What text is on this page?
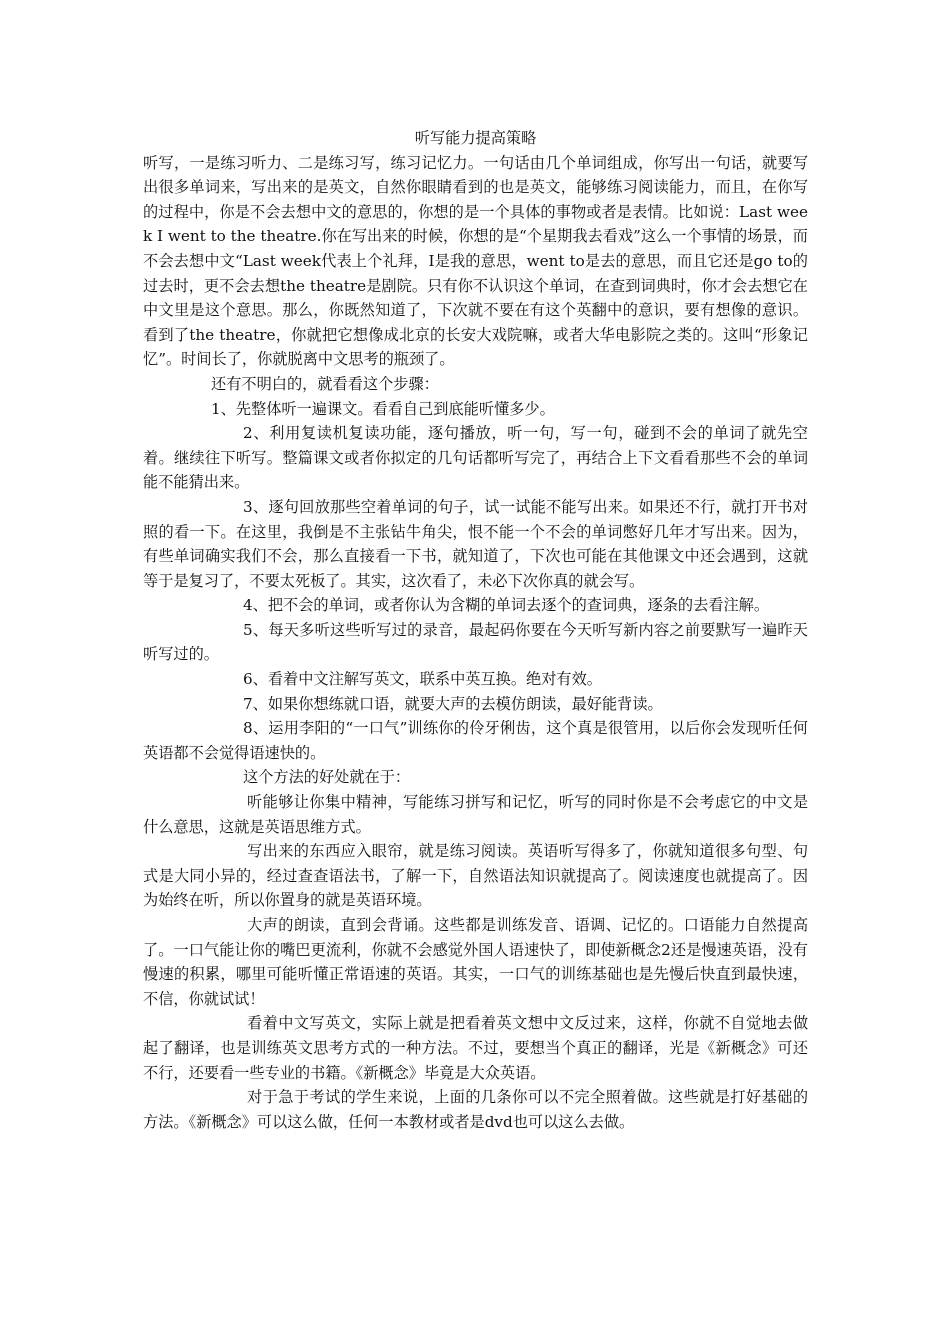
听写能力提高策略

听写，一是练习听力、二是练习写，练习记忆力。一句话由几个单词组成，你写出一句话，就要写出很多单词来，写出来的是英文，自然你眼睛看到的也是英文，能够练习阅读能力，而且，在你写的过程中，你是不会去想中文的意思的，你想的是一个具体的事物或者是表情。比如说：Last week I went to the theatre.你在写出来的时候，你想的是“个星期我去看戏”这么一个事情的场景，而不会去想中文“Last week代表上个礼拜，I是我的意思，went to是去的意思，而且它还是go to的过去时，更不会去想the theatre是剧院。只有你不认识这个单词，在查到词典时，你才会去想它在中文里是这个意思。那么，你既然知道了，下次就不要在有这个英翻中的意识，要有想像的意识。看到了the theatre，你就把它想像成北京的长安大戏院嘛，或者大华电影院之类的。这叫“形象记忆”。时间长了，你就脱离中文思考的瓶颈了。

还有不明白的，就看看这个步骤：

1、先整体听一遍课文。看看自己到底能听懂多少。

2、利用复读机复读功能，逐句播放，听一句，写一句，碰到不会的单词了就先空着。继续往下听写。整篇课文或者你拟定的几句话都听写完了，再结合上下文看看那些不会的单词能不能猜出来。

3、逐句回放那些空着单词的句子，试一试能不能写出来。如果还不行，就打开书对照的看一下。在这里，我倒是不主张钻牛角尖，恨不能一个不会的单词憋好几年才写出来。因为，有些单词确实我们不会，那么直接看一下书，就知道了，下次也可能在其他课文中还会遇到，这就等于是复习了，不要太死板了。其实，这次看了，未必下次你真的就会写。

4、把不会的单词，或者你认为含糊的单词去逐个的查词典，逐条的去看注解。

5、每天多听这些听写过的录音，最起码你要在今天听写新内容之前要默写一遍昨天听写过的。

6、看着中文注解写英文，联系中英互换。绝对有效。

7、如果你想练就口语，就要大声的去模仿朗读，最好能背读。

8、运用李阳的“一口气”训练你的伶牙俐齿，这个真是很管用，以后你会发现听任何英语都不会觉得语速快的。

这个方法的好处就在于：

听能够让你集中精神，写能练习拼写和记忆，听写的同时你是不会考虑它的中文是什么意思，这就是英语思维方式。

写出来的东西应入眼帘，就是练习阅读。英语听写得多了，你就知道很多句型、句式是大同小异的，经过查查语法书，了解一下，自然语法知识就提高了。阅读速度也就提高了。因为始终在听，所以你置身的就是英语环境。

大声的朗读，直到会背诵。这些都是训练发音、语调、记忆的。口语能力自然提高了。一口气能让你的嘴巴更流利，你就不会感觉外国人语速快了，即使新概念2还是慢速英语，没有慢速的积累，哪里可能听懂正常语速的英语。其实，一口气的训练基础也是先慢后快直到最快速，不信，你就试试！

看着中文写英文，实际上就是把看着英文想中文反过来，这样，你就不自觉地去做起了翻译，也是训练英文思考方式的一种方法。不过，要想当个真正的翻译，光是《新概念》可还不行，还要看一些专业的书籍。《新概念》毕竟是大众英语。

对于急于考试的学生来说，上面的几条你可以不完全照着做。这些就是打好基础的方法。《新概念》可以这么做，任何一本教材或者是dvd也可以这么去做。
